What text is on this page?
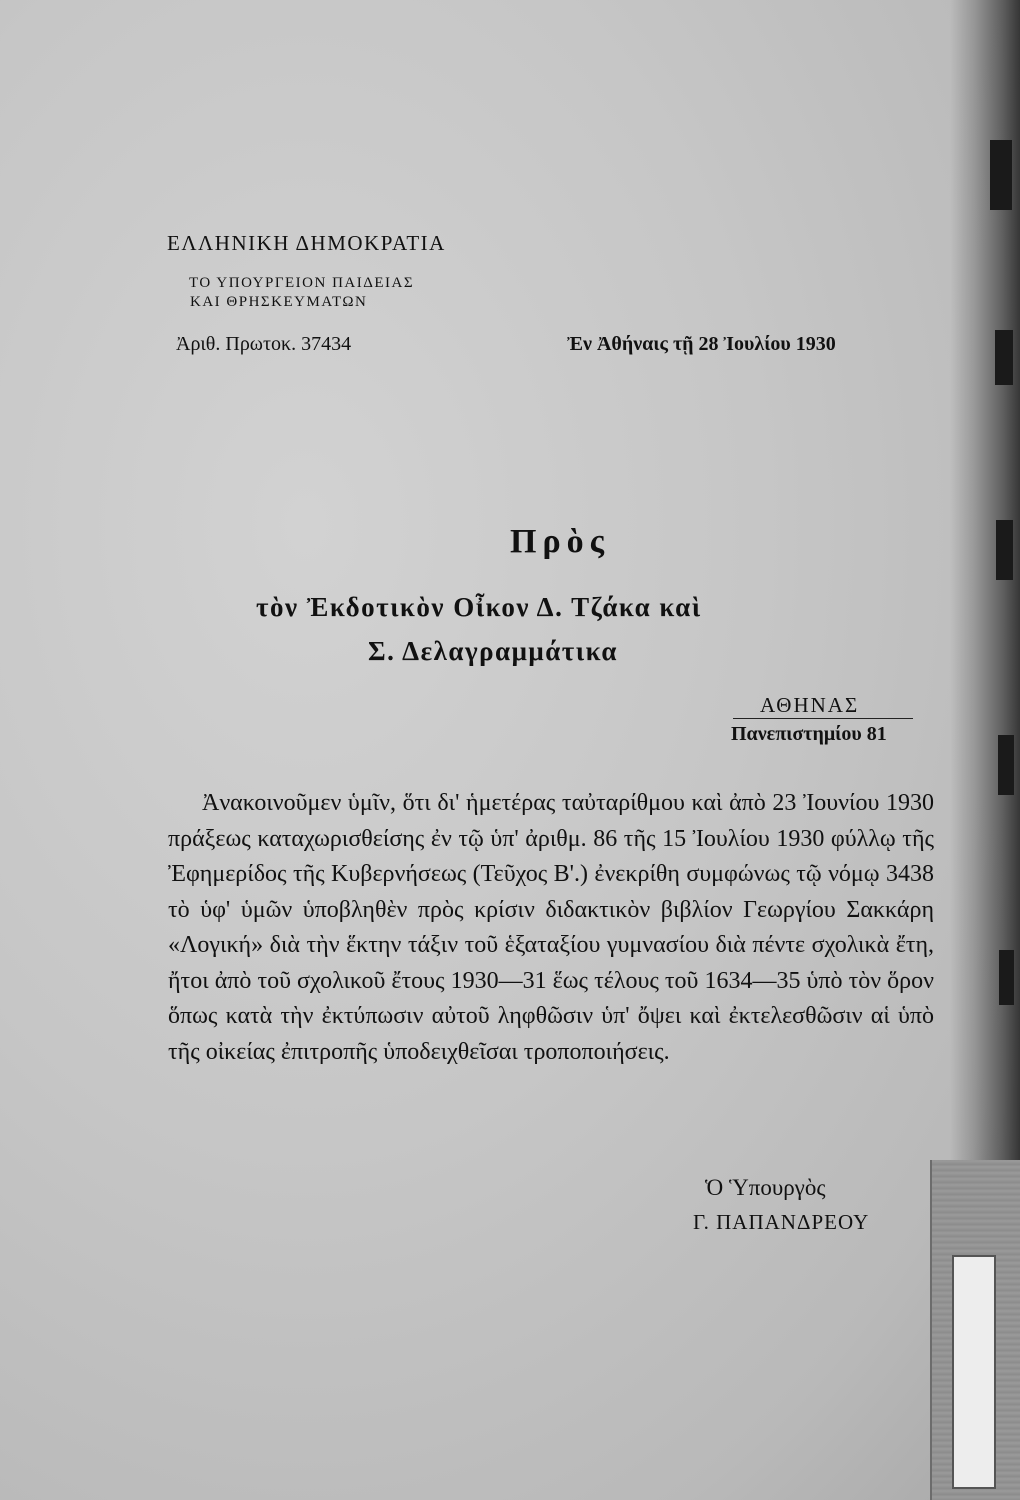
ΕΛΛΗΝΙΚΗ ΔΗΜΟΚΡΑΤΙΑ
ΤΟ ΥΠΟΥΡΓΕΙΟΝ ΠΑΙΔΕΙΑΣ
ΚΑΙ ΘΡΗΣΚΕΥΜΑΤΩΝ
Ἀριθ. Πρωτοκ. 37434	Ἐν Ἀθήναις τῇ 28 Ἰουλίου 1930
Πρὸς
τὸν Ἐκδοτικὸν Οἶκον Δ. Τζάκα καὶ
Σ. Δελαγραμμάτικα
ΑΘΗΝΑΣ
Πανεπιστημίου 81
Ἀνακοινοῦμεν ὑμῖν, ὅτι δι' ἡμετέρας ταὐταρίθμου καὶ ἀπὸ 23 Ἰουνίου 1930 πράξεως καταχωρισθείσης ἐν τῷ ὑπ' ἀριθμ. 86 τῆς 15 Ἰουλίου 1930 φύλλῳ τῆς Ἐφημερίδος τῆς Κυβερνήσεως (Τεῦχος Β'.) ἐνεκρίθη συμφώνως τῷ νόμῳ 3438 τὸ ὑφ' ὑμῶν ὑποβληθὲν πρὸς κρίσιν διδακτικὸν βιβλίον Γεωργίου Σακκάρη «Λογική» διὰ τὴν ἕκτην τάξιν τοῦ ἑξαταξίου γυμνασίου διὰ πέντε σχολικὰ ἔτη, ἤτοι ἀπὸ τοῦ σχολικοῦ ἔτους 1930—31 ἕως τέλους τοῦ 1634—35 ὑπὸ τὸν ὅρον ὅπως κατὰ τὴν ἐκτύπωσιν αὐτοῦ ληφθῶσιν ὑπ' ὄψει καὶ ἐκτελεσθῶσιν αἱ ὑπὸ τῆς οἰκείας ἐπιτροπῆς ὑποδειχθεῖσαι τροποποιήσεις.
Ὁ Ὑπουργὸς
Γ. ΠΑΠΑΝΔΡΕΟΥ
